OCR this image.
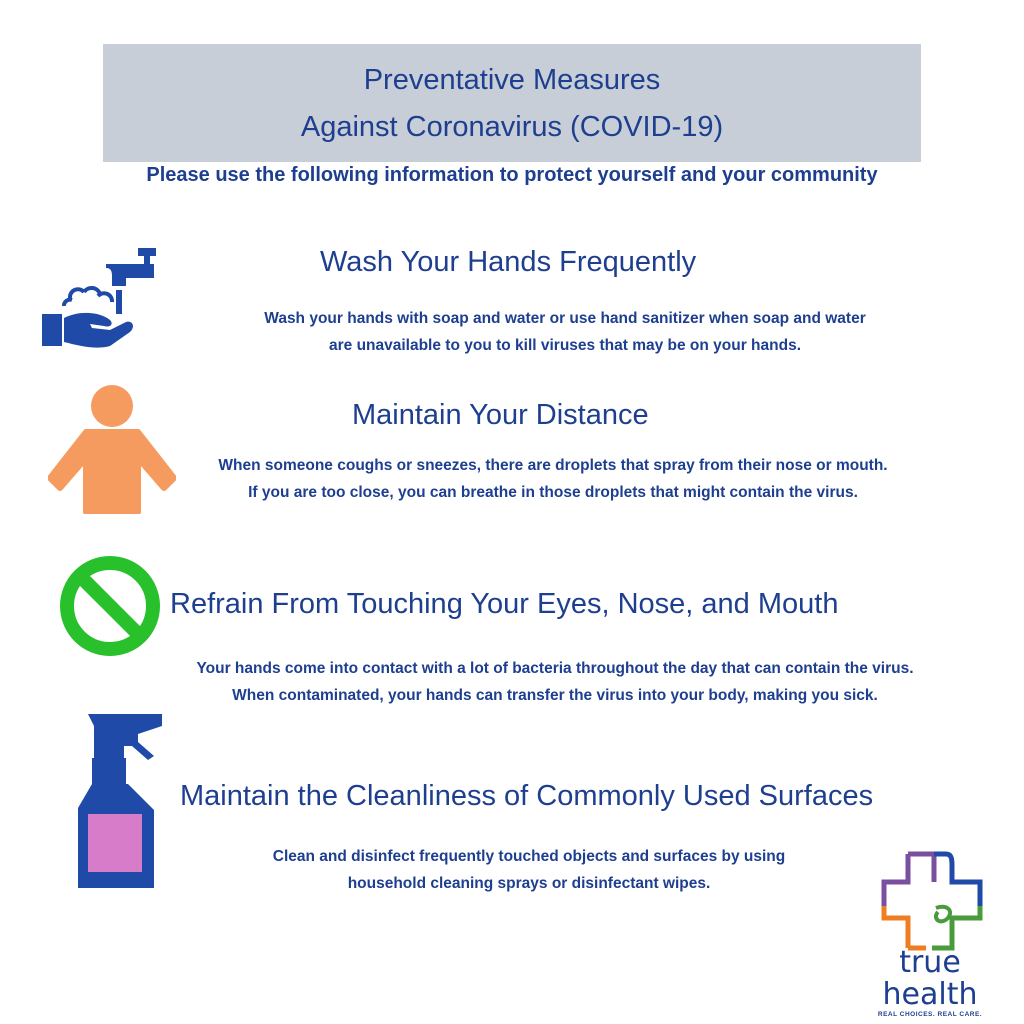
Preventative Measures
Against Coronavirus (COVID-19)
Please use the following information to protect yourself and your community
Wash Your Hands Frequently
Wash your hands with soap and water or use hand sanitizer when soap and water
are unavailable to you to kill viruses that may be on your hands.
Maintain Your Distance
When someone coughs or sneezes, there are droplets that spray from their nose or mouth.
If you are too close, you can breathe in those droplets that might contain the virus.
Refrain From Touching Your Eyes, Nose, and Mouth
Your hands come into contact with a lot of bacteria throughout the day that can contain the virus.
When contaminated, your hands can transfer the virus into your body, making you sick.
Maintain the Cleanliness of Commonly Used Surfaces
Clean and disinfect frequently touched objects and surfaces by using
household cleaning sprays or disinfectant wipes.
true
health
REAL CHOICES. REAL CARE.
